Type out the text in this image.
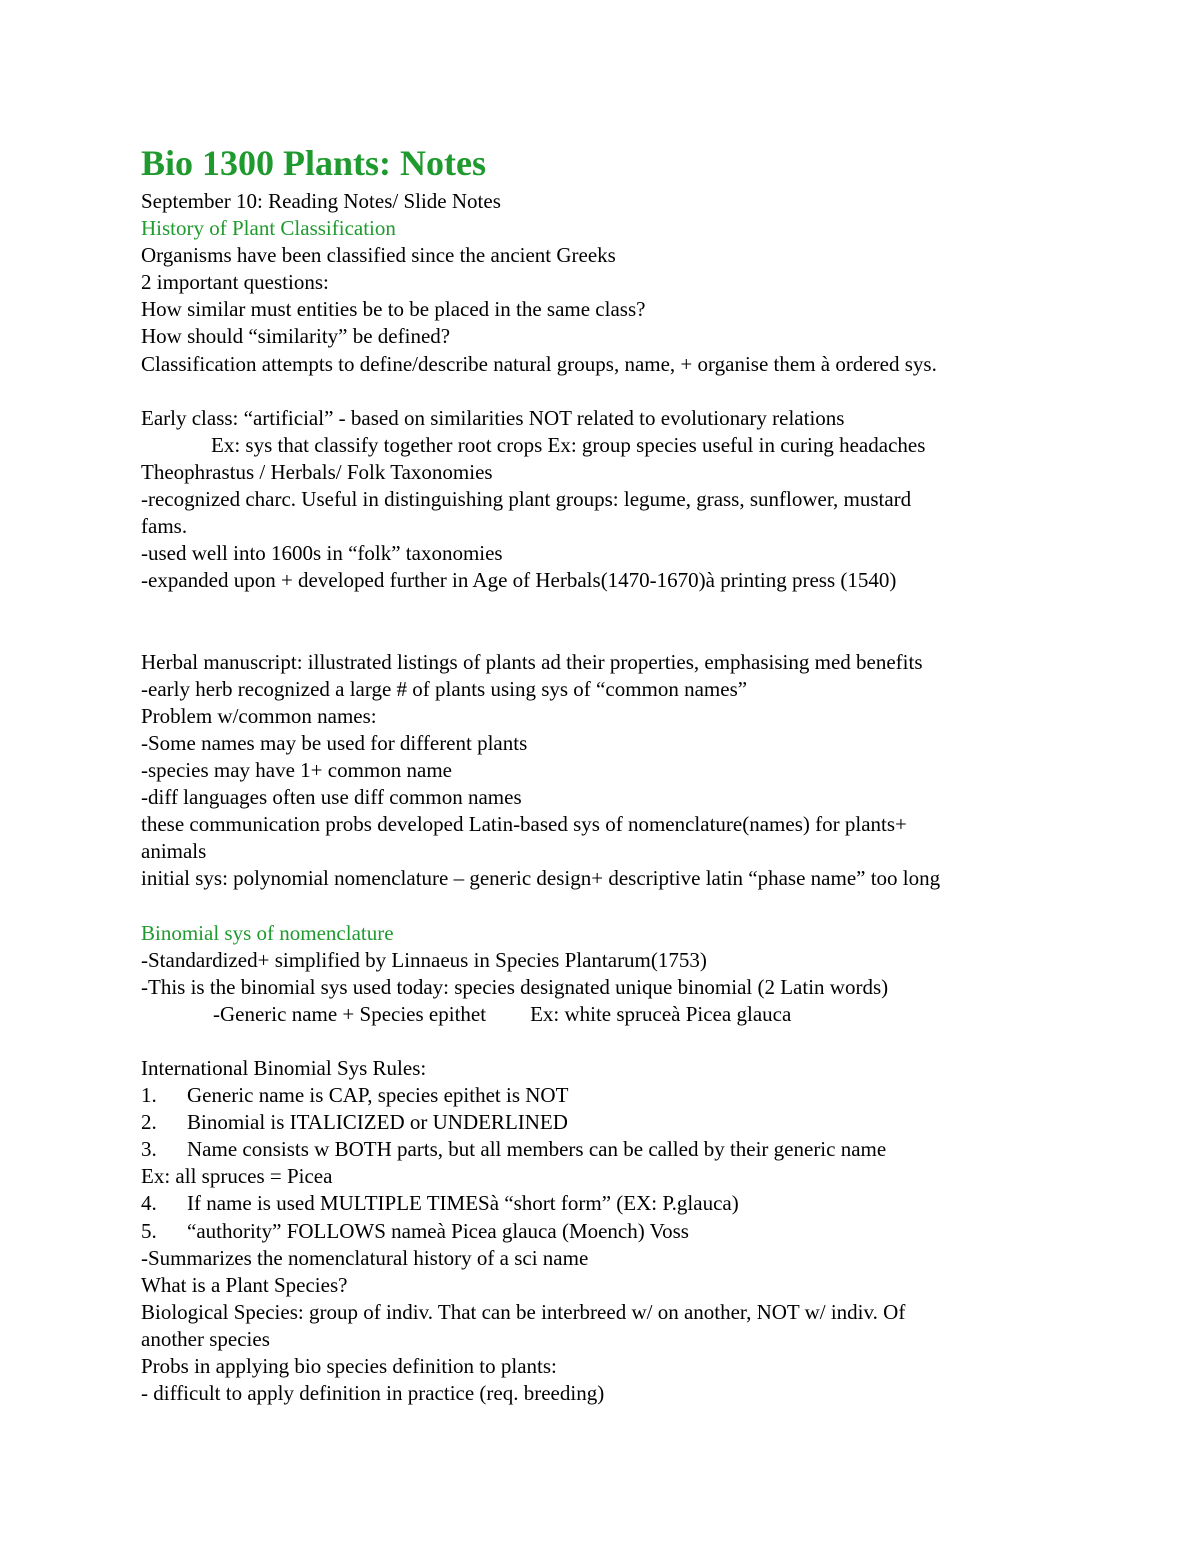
Bio 1300 Plants: Notes
September 10: Reading Notes/ Slide Notes
History of Plant Classification
Organisms have been classified since the ancient Greeks
2 important questions:
How similar must entities be to be placed in the same class?
How should “similarity” be defined?
Classification attempts to define/describe natural groups, name, + organise them à ordered sys.
Early class: “artificial” - based on similarities NOT related to evolutionary relations
Ex: sys that classify together root crops Ex: group species useful in curing headaches
Theophrastus / Herbals/ Folk Taxonomies
-recognized charc. Useful in distinguishing plant groups: legume, grass, sunflower, mustard
fams.
-used well into 1600s in “folk” taxonomies
-expanded upon + developed further in Age of Herbals(1470-1670)à printing press (1540)
Herbal manuscript: illustrated listings of plants ad their properties, emphasising med benefits
-early herb recognized a large # of plants using sys of “common names”
Problem w/common names:
-Some names may be used for different plants
-species may have 1+ common name
-diff languages often use diff common names
these communication probs developed Latin-based sys of nomenclature(names) for plants+
animals
initial sys: polynomial nomenclature – generic design+ descriptive latin “phase name” too long
Binomial sys of nomenclature
-Standardized+ simplified by Linnaeus in Species Plantarum(1753)
-This is the binomial sys used today: species designated unique binomial (2 Latin words)
-Generic name + Species epithet Ex: white spruceà Picea glauca
International Binomial Sys Rules:
1.	Generic name is CAP, species epithet is NOT
2.	Binomial is ITALICIZED or UNDERLINED
3.	Name consists w BOTH parts, but all members can be called by their generic name
Ex: all spruces = Picea
4.	If name is used MULTIPLE TIMESà “short form” (EX: P.glauca)
5.	“authority” FOLLOWS nameà Picea glauca (Moench) Voss
-Summarizes the nomenclatural history of a sci name
What is a Plant Species?
Biological Species: group of indiv. That can be interbreed w/ on another, NOT w/ indiv. Of
another species
Probs in applying bio species definition to plants:
- difficult to apply definition in practice (req. breeding)
